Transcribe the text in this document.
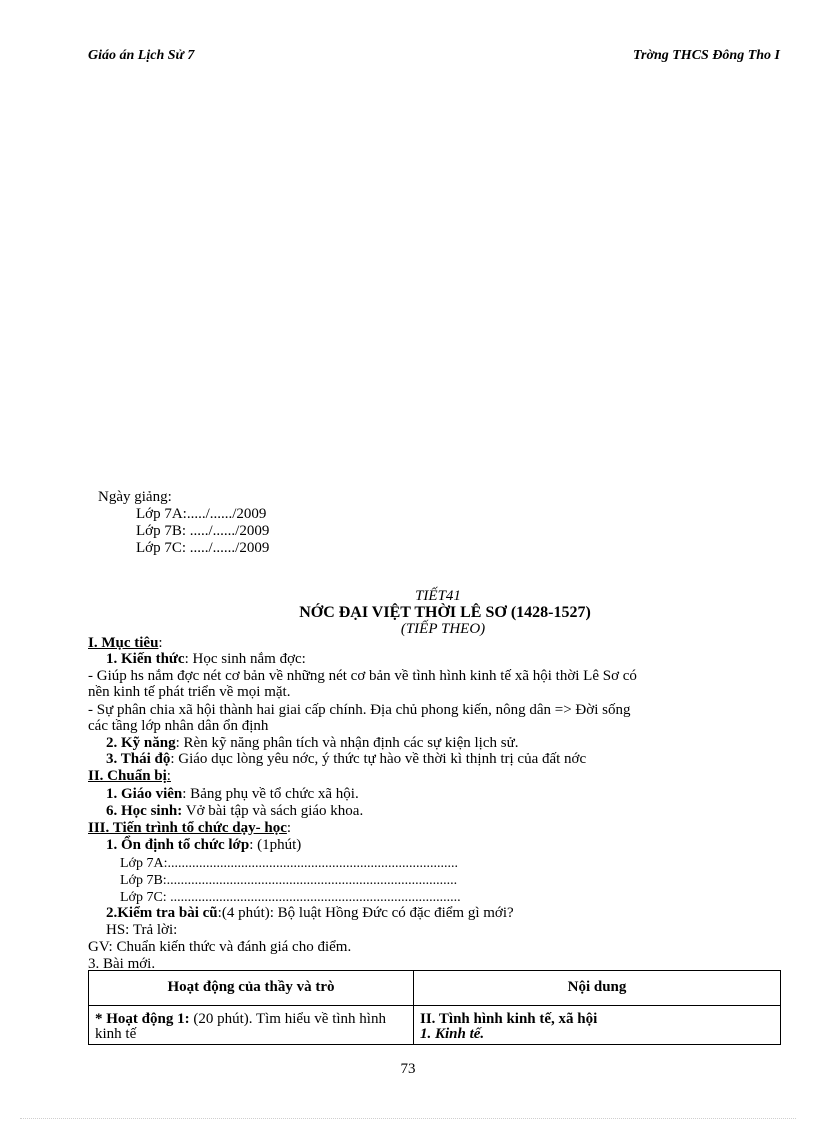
Giáo án Lịch Sử 7	Trờng THCS Đông Tho I
Ngày giảng:
Lớp 7A:...../....../2009
Lớp 7B: ...../....../2009
Lớp 7C: ...../....../2009
TIẾT41
NỚC ĐẠI VIỆT THỜI LÊ SƠ (1428-1527)
(TIẾP THEO)
I. Mục tiêu:
1. Kiến thức: Học sinh nắm đợc:
- Giúp hs nắm đợc nét cơ bản về những nét cơ bản về tình hình kinh tế xã hội thời Lê Sơ có
nền kinh tế phát triển về mọi mặt.
- Sự phân chia xã hội thành hai giai cấp chính. Địa chủ phong kiến, nông dân => Đời sống
các tầng lớp nhân dân ổn định
2. Kỹ năng: Rèn kỹ năng phân tích và nhận định các sự kiện lịch sử.
3. Thái độ: Giáo dục lòng yêu nớc, ý thức tự hào về thời kì thịnh trị của đất nớc
II. Chuẩn bị:
1. Giáo viên: Bảng phụ về tổ chức xã hội.
6. Học sinh: Vở bài tập và sách giáo khoa.
III. Tiến trình tổ chức dạy- học:
1. Ổn định tổ chức lớp: (1phút)
Lớp 7A:...................................................................................
Lớp 7B:...................................................................................
Lớp 7C: ...................................................................................
2.Kiểm tra bài cũ:(4 phút): Bộ luật Hồng Đức có đặc điểm gì mới?
HS: Trả lời:
GV: Chuẩn kiến thức và đánh giá cho điểm.
3. Bài mới.
Hoạt động của thầy và trò	Nội dung
* Hoạt động 1: (20 phút). Tìm hiểu về tình hình kinh tế	II. Tình hình kinh tế, xã hội
1. Kinh tế.
73
